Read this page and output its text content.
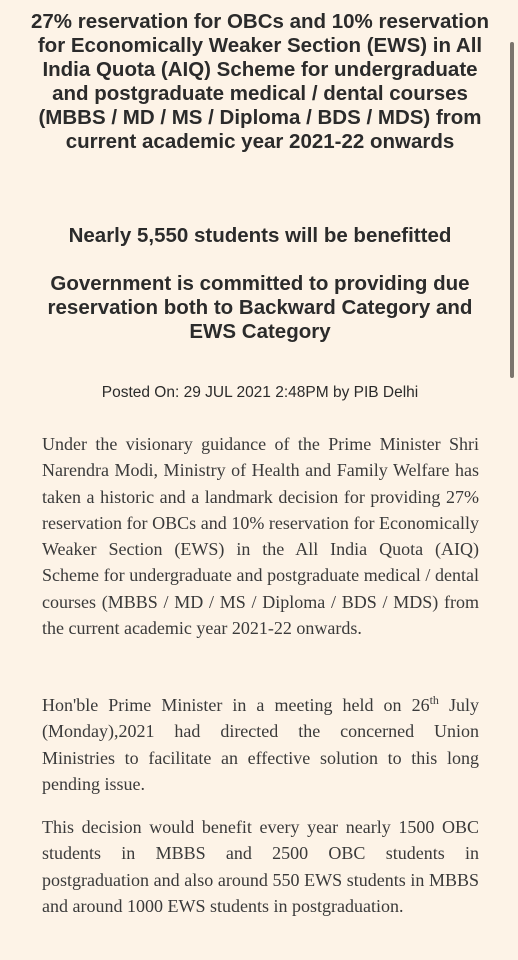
27% reservation for OBCs and 10% reservation for Economically Weaker Section (EWS) in All India Quota (AIQ) Scheme for undergraduate and postgraduate medical / dental courses (MBBS / MD / MS / Diploma / BDS / MDS) from current academic year 2021-22 onwards
Nearly 5,550 students will be benefitted
Government is committed to providing due reservation both to Backward Category and EWS Category
Posted On: 29 JUL 2021 2:48PM by PIB Delhi

Under the visionary guidance of the Prime Minister Shri Narendra Modi, Ministry of Health and Family Welfare has taken a historic and a landmark decision for providing 27% reservation for OBCs and 10% reservation for Economically Weaker Section (EWS) in the All India Quota (AIQ) Scheme for undergraduate and postgraduate medical / dental courses (MBBS / MD / MS / Diploma / BDS / MDS) from the current academic year 2021-22 onwards.

Hon'ble Prime Minister in a meeting held on 26th July (Monday),2021 had directed the concerned Union Ministries to facilitate an effective solution to this long pending issue.

This decision would benefit every year nearly 1500 OBC students in MBBS and 2500 OBC students in postgraduation and also around 550 EWS students in MBBS and around 1000 EWS students in postgraduation.
